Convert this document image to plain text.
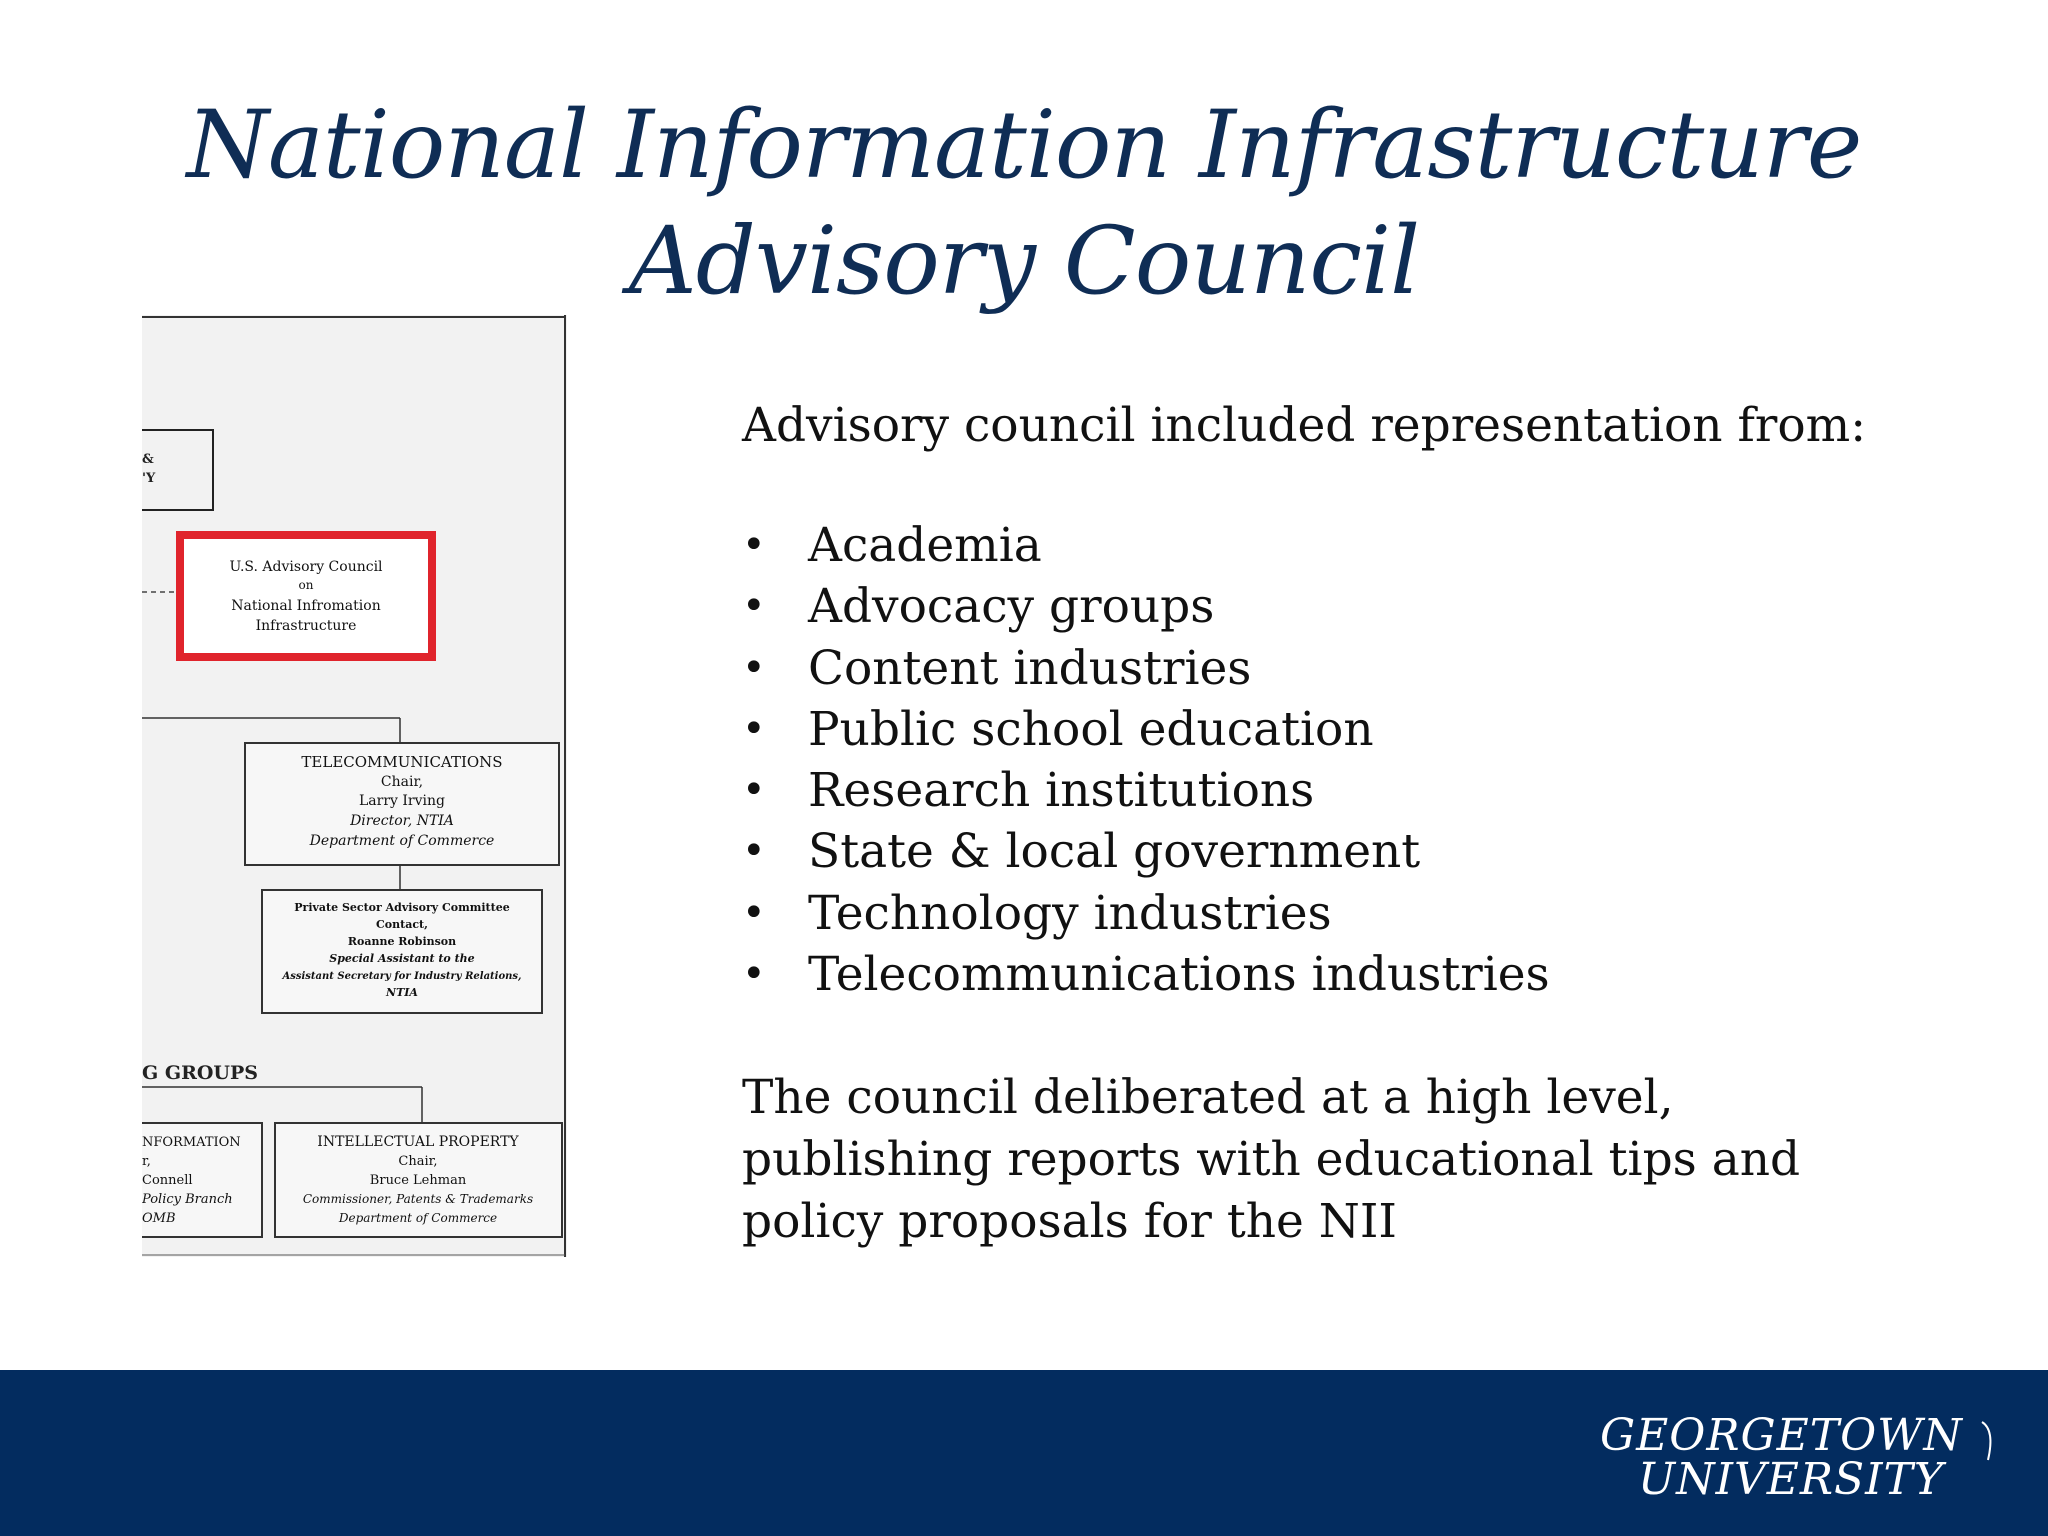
National Information Infrastructure
Advisory Council
&
'Y
U.S. Advisory Council
on
National Infromation
Infrastructure
TELECOMMUNICATIONS
Chair,
Larry Irving
Director, NTIA
Department of Commerce
Private Sector Advisory Committee
Contact,
Roanne Robinson
Special Assistant to the
Assistant Secretary for Industry Relations,
NTIA
G GROUPS
NFORMATION
r,
Connell
Policy Branch
OMB
INTELLECTUAL PROPERTY
Chair,
Bruce Lehman
Commissioner, Patents & Trademarks
Department of Commerce
Advisory council included representation from:
• Academia
• Advocacy groups
• Content industries
• Public school education
• Research institutions
• State & local government
• Technology industries
• Telecommunications industries
The council deliberated at a high level, publishing reports with educational tips and policy proposals for the NII
GEORGETOWN
UNIVERSITY
